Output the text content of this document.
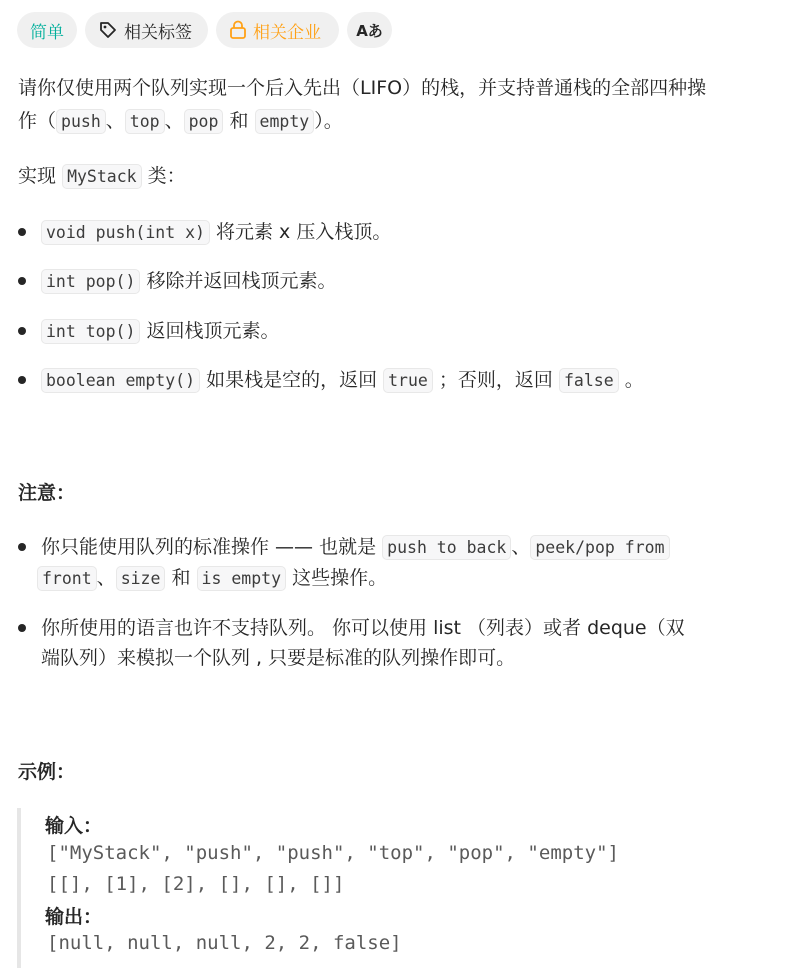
简单	相关标签	相关企业 Aあ
请你仅使用两个队列实现一个后入先出（LIFO）的栈，并支持普通栈的全部四种操
作（ push 、 top 、 pop 和 empty ）。
实现 MyStack 类：
void push(int x) 将元素 x 压入栈顶。
int pop() 移除并返回栈顶元素。
int top() 返回栈顶元素。
boolean empty() 如果栈是空的，返回 true ；否则，返回 false 。
注意：
你只能使用队列的标准操作 —— 也就是 push to back 、 peek/pop from
front 、 size 和 is empty 这些操作。
你所使用的语言也许不支持队列。 你可以使用 list （列表）或者 deque（双
端队列）来模拟一个队列 , 只要是标准的队列操作即可。
示例：
输入：
["MyStack", "push", "push", "top", "pop", "empty"]
[[], [1], [2], [], [], []]
输出：
[null, null, null, 2, 2, false]
